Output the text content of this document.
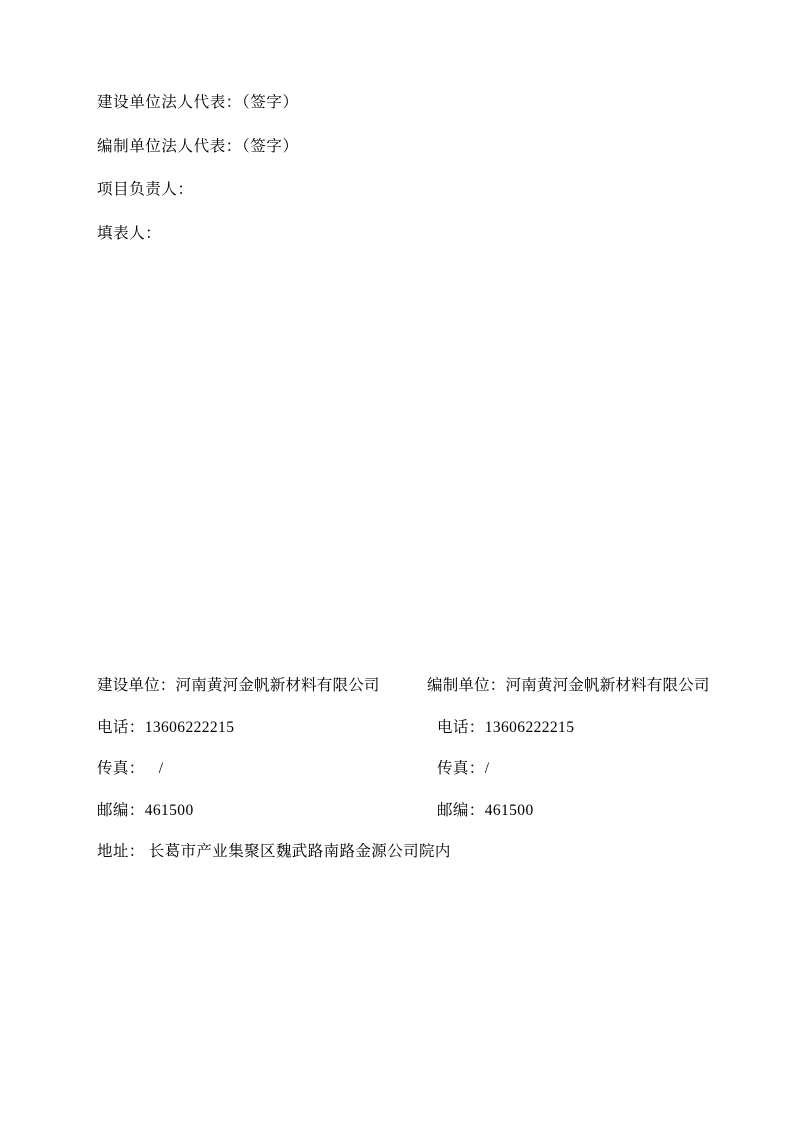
建设单位法人代表：（签字）
编制单位法人代表：（签字）
项目负责人：
填表人：
建设单位：河南黄河金帆新材料有限公司	编制单位：河南黄河金帆新材料有限公司
电话：13606222215	电话：13606222215
传真： /	传真：/
邮编：461500	邮编：461500
地址： 长葛市产业集聚区魏武路南路金源公司院内
